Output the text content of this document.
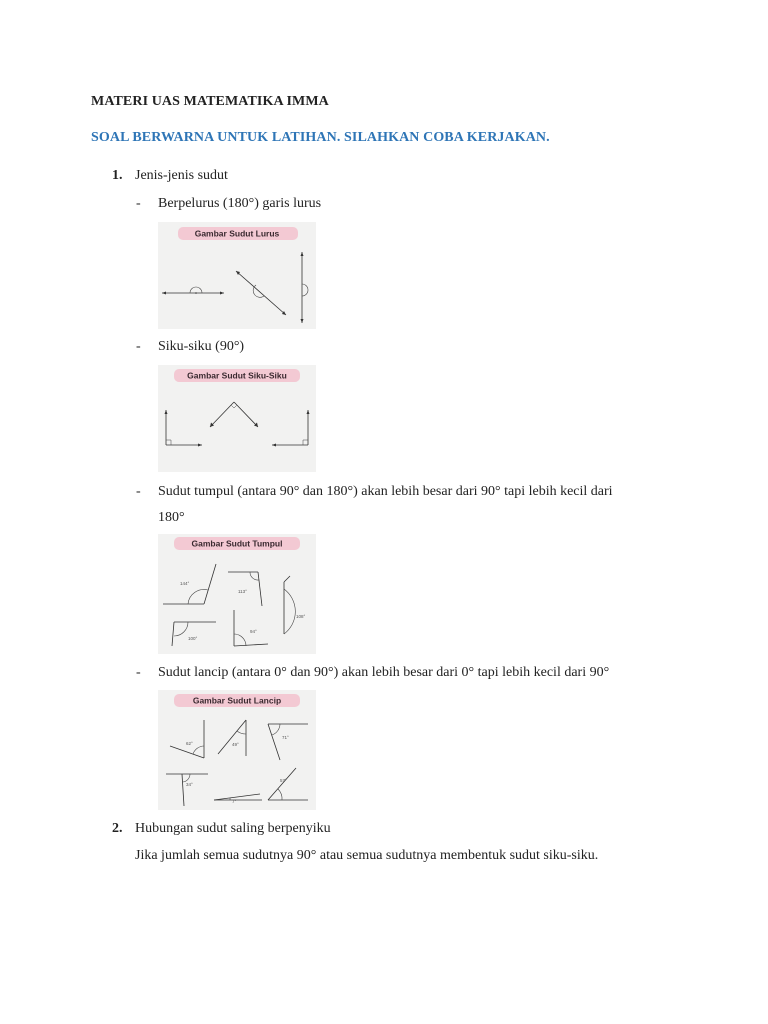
MATERI UAS MATEMATIKA IMMA
SOAL BERWARNA UNTUK LATIHAN. SILAHKAN COBA KERJAKAN.
1. Jenis-jenis sudut
- Berpelurus (180°) garis lurus
Gambar Sudut Lurus
- Siku-siku (90°)
Gambar Sudut Siku-Siku
- Sudut tumpul (antara 90° dan 180°) akan lebih besar dari 90° tapi lebih kecil dari
180°
Gambar Sudut Tumpul
144°
113°
108°
100°
94°
- Sudut lancip (antara 0° dan 90°) akan lebih besar dari 0° tapi lebih kecil dari 90°
Gambar Sudut Lancip
62°	49°
71°
34°
7°
57°
2. Hubungan sudut saling berpenyiku
Jika jumlah semua sudutnya 90° atau semua sudutnya membentuk sudut siku-siku.
